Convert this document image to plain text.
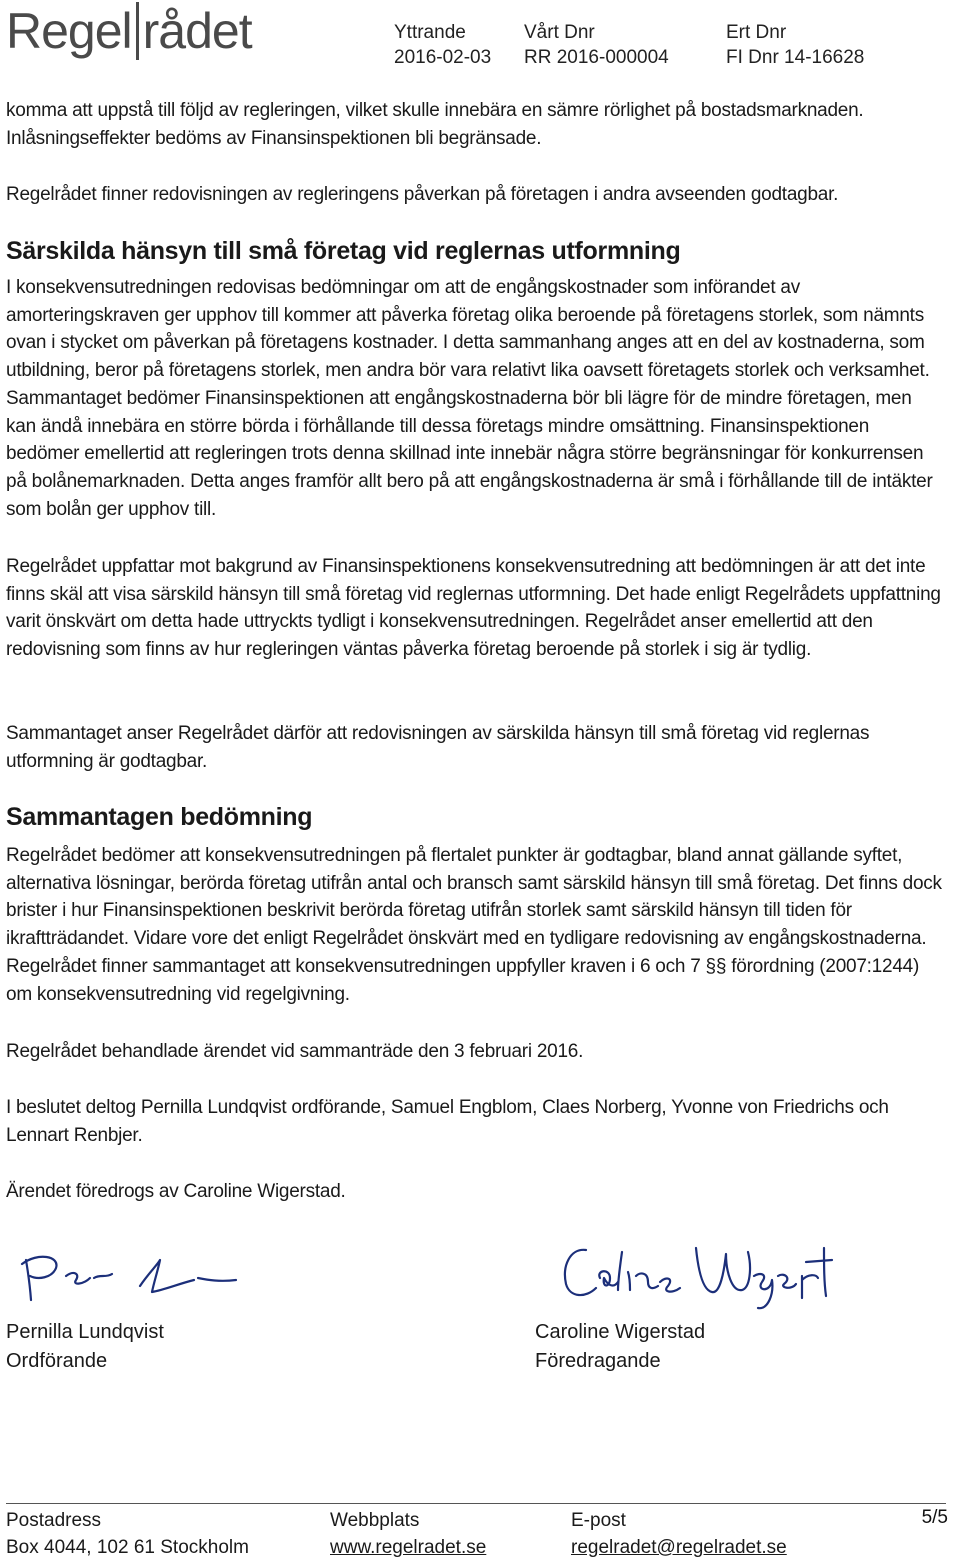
Regel rådet	Yttrande
2016-02-03
Vårt Dnr
RR 2016-000004
Ert Dnr
FI Dnr 14-16628
komma att uppstå till följd av regleringen, vilket skulle innebära en sämre rörlighet på bostadsmarknaden. Inlåsningseffekter bedöms av Finansinspektionen bli begränsade.
Regelrådet finner redovisningen av regleringens påverkan på företagen i andra avseenden godtagbar.
Särskilda hänsyn till små företag vid reglernas utformning
I konsekvensutredningen redovisas bedömningar om att de engångskostnader som införandet av amorteringskraven ger upphov till kommer att påverka företag olika beroende på företagens storlek, som nämnts ovan i stycket om påverkan på företagens kostnader. I detta sammanhang anges att en del av kostnaderna, som utbildning, beror på företagens storlek, men andra bör vara relativt lika oavsett företagets storlek och verksamhet. Sammantaget bedömer Finansinspektionen att engångskostnaderna bör bli lägre för de mindre företagen, men kan ändå innebära en större börda i förhållande till dessa företags mindre omsättning. Finansinspektionen bedömer emellertid att regleringen trots denna skillnad inte innebär några större begränsningar för konkurrensen på bolånemarknaden. Detta anges framför allt bero på att engångskostnaderna är små i förhållande till de intäkter som bolån ger upphov till.
Regelrådet uppfattar mot bakgrund av Finansinspektionens konsekvensutredning att bedömningen är att det inte finns skäl att visa särskild hänsyn till små företag vid reglernas utformning. Det hade enligt Regelrådets uppfattning varit önskvärt om detta hade uttryckts tydligt i konsekvensutredningen. Regelrådet anser emellertid att den redovisning som finns av hur regleringen väntas påverka företag beroende på storlek i sig är tydlig.
Sammantaget anser Regelrådet därför att redovisningen av särskilda hänsyn till små företag vid reglernas utformning är godtagbar.
Sammantagen bedömning
Regelrådet bedömer att konsekvensutredningen på flertalet punkter är godtagbar, bland annat gällande syftet, alternativa lösningar, berörda företag utifrån antal och bransch samt särskild hänsyn till små företag. Det finns dock brister i hur Finansinspektionen beskrivit berörda företag utifrån storlek samt särskild hänsyn till tiden för ikraftträdandet. Vidare vore det enligt Regelrådet önskvärt med en tydligare redovisning av engångskostnaderna. Regelrådet finner sammantaget att konsekvensutredningen uppfyller kraven i 6 och 7 §§ förordning (2007:1244) om konsekvensutredning vid regelgivning.
Regelrådet behandlade ärendet vid sammanträde den 3 februari 2016.
I beslutet deltog Pernilla Lundqvist ordförande, Samuel Engblom, Claes Norberg, Yvonne von Friedrichs och Lennart Renbjer.
Ärendet föredrogs av Caroline Wigerstad.
Pernilla Lundqvist
Ordförande
Caroline Wigerstad
Föredragande
Postadress
Box 4044, 102 61 Stockholm
Webbplats
www.regelradet.se
E-post
regelradet@regelradet.se
5/5
